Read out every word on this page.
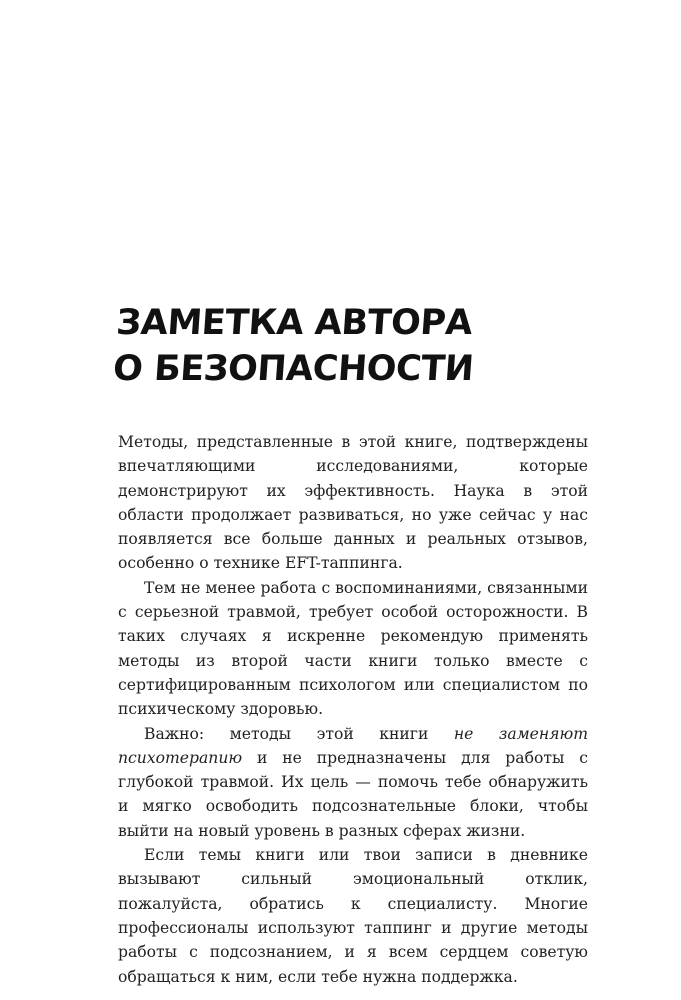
ЗАМЕТКА АВТОРА
О БЕЗОПАСНОСТИ

Методы, представленные в этой книге, подтверждены впечатляющими исследованиями, которые демонстрируют их эффективность. Наука в этой области продолжает развиваться, но уже сейчас у нас появляется все больше данных и реальных отзывов, особенно о технике EFT-таппинга.

Тем не менее работа с воспоминаниями, связанными с серьезной травмой, требует особой осторожности. В таких случаях я искренне рекомендую применять методы из второй части книги только вместе с сертифицированным психологом или специалистом по психическому здоровью.

Важно: методы этой книги не заменяют психотерапию и не предназначены для работы с глубокой травмой. Их цель — помочь тебе обнаружить и мягко освободить подсознательные блоки, чтобы выйти на новый уровень в разных сферах жизни.

Если темы книги или твои записи в дневнике вызывают сильный эмоциональный отклик, пожалуйста, обратись к специалисту. Многие профессионалы используют таппинг и другие методы работы с подсознанием, и я всем сердцем советую обращаться к ним, если тебе нужна поддержка.
